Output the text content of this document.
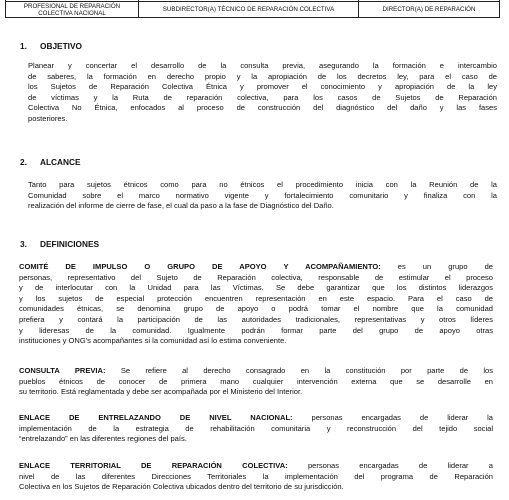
PROFESIONAL DE REPARACIÓN COLECTIVA NACIONAL	SUBDIRECTOR(A) TÉCNICO DE REPARACIÓN COLECTIVA	DIRECTOR(A) DE REPARACIÓN
1. OBJETIVO

Planear y concertar el desarrollo de la consulta previa, asegurando la formación e intercambio
de saberes, la formación en derecho propio y la apropiación de los decretos ley, para el caso de
los Sujetos de Reparación Colectiva Étnica y promover el conocimiento y apropiación de la ley
de víctimas y la Ruta de reparación colectiva, para los casos de Sujetos de Reparación
Colectiva No Étnica, enfocados al proceso de construcción del diagnóstico del daño y las fases
posteriores.

2. ALCANCE

Tanto para sujetos étnicos como para no étnicos el procedimiento inicia con la Reunión de la
Comunidad sobre el marco normativo vigente y fortalecimiento comunitario y finaliza con la
realización del informe de cierre de fase, el cual da paso a la fase de Diagnóstico del Daño.

3. DEFINICIONES

COMITÉ DE IMPULSO O GRUPO DE APOYO Y ACOMPAÑAMIENTO: es un grupo de
personas, representativo del Sujeto de Reparación colectiva, responsable de estimular el proceso
y de interlocutar con la Unidad para las Víctimas. Se debe garantizar que los distintos liderazgos
y los sujetos de especial protección encuentren representación en este espacio. Para el caso de
comunidades étnicas, se denomina grupo de apoyo o podrá tomar el nombre que la comunidad
prefiera y contará la participación de las autoridades tradicionales, representativas y otros líderes
y lideresas de la comunidad. Igualmente podrán formar parte del grupo de apoyo otras
instituciones y ONG's acompañantes si la comunidad así lo estima conveniente.

CONSULTA PREVIA: Se refiere al derecho consagrado en la constitución por parte de los
pueblos étnicos de conocer de primera mano cualquier intervención externa que se desarrolle en
su territorio. Está reglamentada y debe ser acompañada por el Ministerio del Interior.

ENLACE DE ENTRELAZANDO DE NIVEL NACIONAL: personas encargadas de liderar la
implementación de la estrategia de rehabilitación comunitaria y reconstrucción del tejido social
“entrelazando” en las diferentes regiones del país.

ENLACE TERRITORIAL DE REPARACIÓN COLECTIVA: personas encargadas de liderar a
nivel de las diferentes Direcciones Territoriales la implementación del programa de Reparación
Colectiva en los Sujetos de Reparación Colectiva ubicados dentro del territorio de su jurisdicción.
